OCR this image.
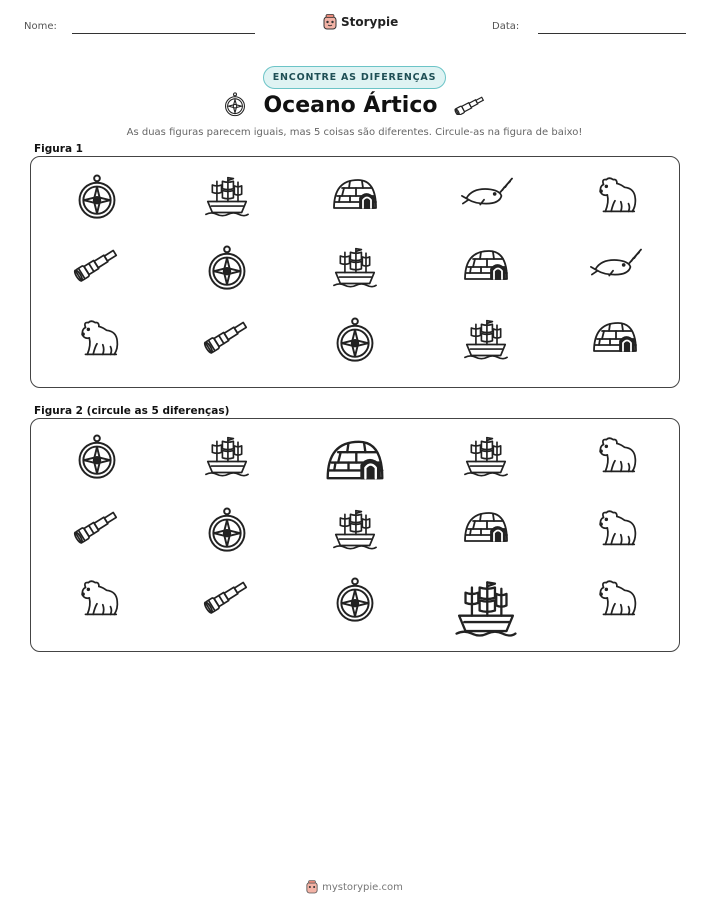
Nome:	Storypie	Data:
ENCONTRE AS DIFERENÇAS
Oceano Ártico
As duas figuras parecem iguais, mas 5 coisas são diferentes. Circule-as na figura de baixo!
Figura 1
Figura 2 (circule as 5 diferenças)
mystorypie.com
